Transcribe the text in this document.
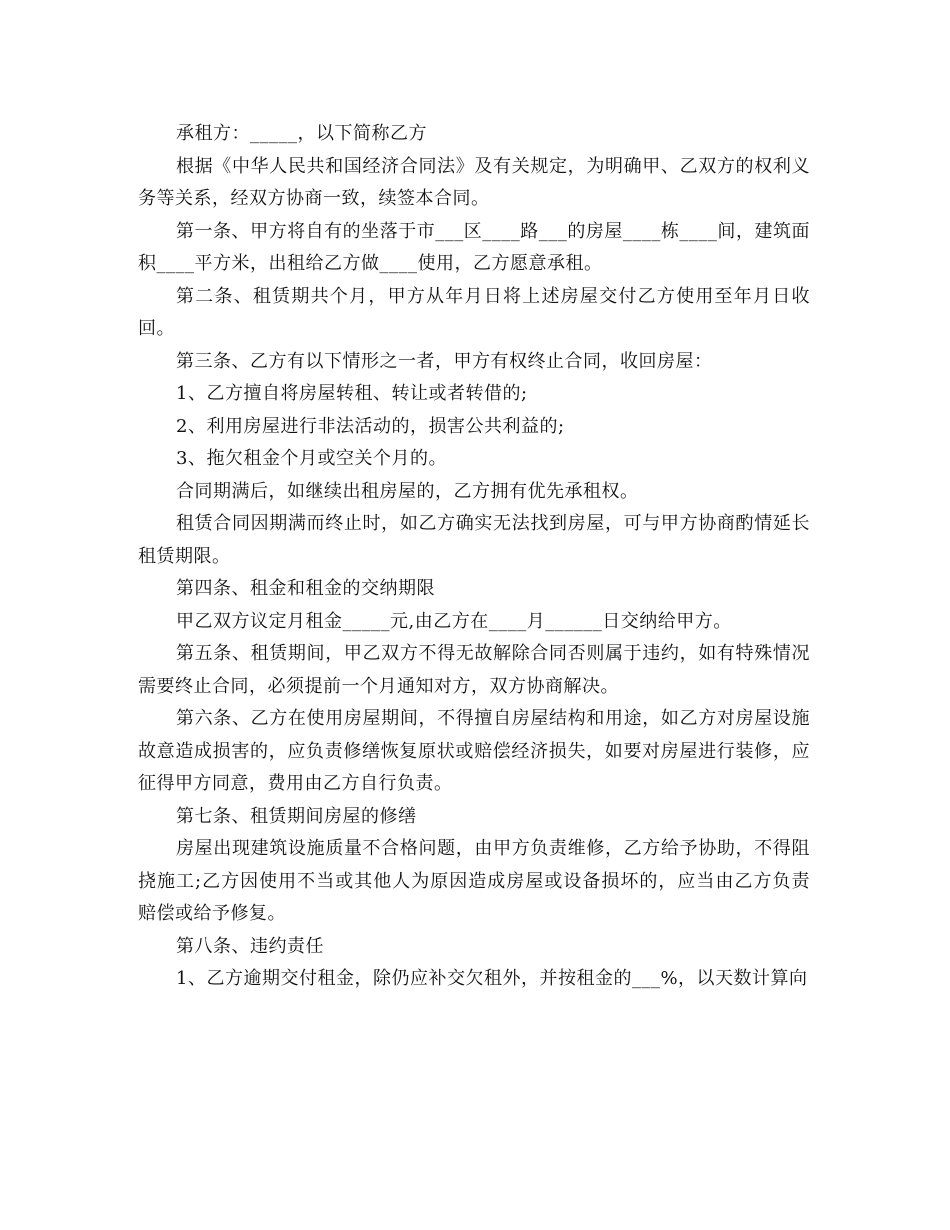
承租方：_____，以下简称乙方

根据《中华人民共和国经济合同法》及有关规定，为明确甲、乙双方的权利义务等关系，经双方协商一致，续签本合同。

第一条、甲方将自有的坐落于市___区____路___的房屋____栋____间，建筑面积____平方米，出租给乙方做____使用，乙方愿意承租。

第二条、租赁期共个月，甲方从年月日将上述房屋交付乙方使用至年月日收回。

第三条、乙方有以下情形之一者，甲方有权终止合同，收回房屋：

1、乙方擅自将房屋转租、转让或者转借的;

2、利用房屋进行非法活动的，损害公共利益的;

3、拖欠租金个月或空关个月的。

合同期满后，如继续出租房屋的，乙方拥有优先承租权。

租赁合同因期满而终止时，如乙方确实无法找到房屋，可与甲方协商酌情延长租赁期限。

第四条、租金和租金的交纳期限

甲乙双方议定月租金_____元,由乙方在____月______日交纳给甲方。

第五条、租赁期间，甲乙双方不得无故解除合同否则属于违约，如有特殊情况需要终止合同，必须提前一个月通知对方，双方协商解决。

第六条、乙方在使用房屋期间，不得擅自房屋结构和用途，如乙方对房屋设施故意造成损害的，应负责修缮恢复原状或赔偿经济损失，如要对房屋进行装修，应征得甲方同意，费用由乙方自行负责。

第七条、租赁期间房屋的修缮

房屋出现建筑设施质量不合格问题，由甲方负责维修，乙方给予协助，不得阻挠施工;乙方因使用不当或其他人为原因造成房屋或设备损坏的，应当由乙方负责赔偿或给予修复。

第八条、违约责任

1、乙方逾期交付租金，除仍应补交欠租外，并按租金的___%，以天数计算向
